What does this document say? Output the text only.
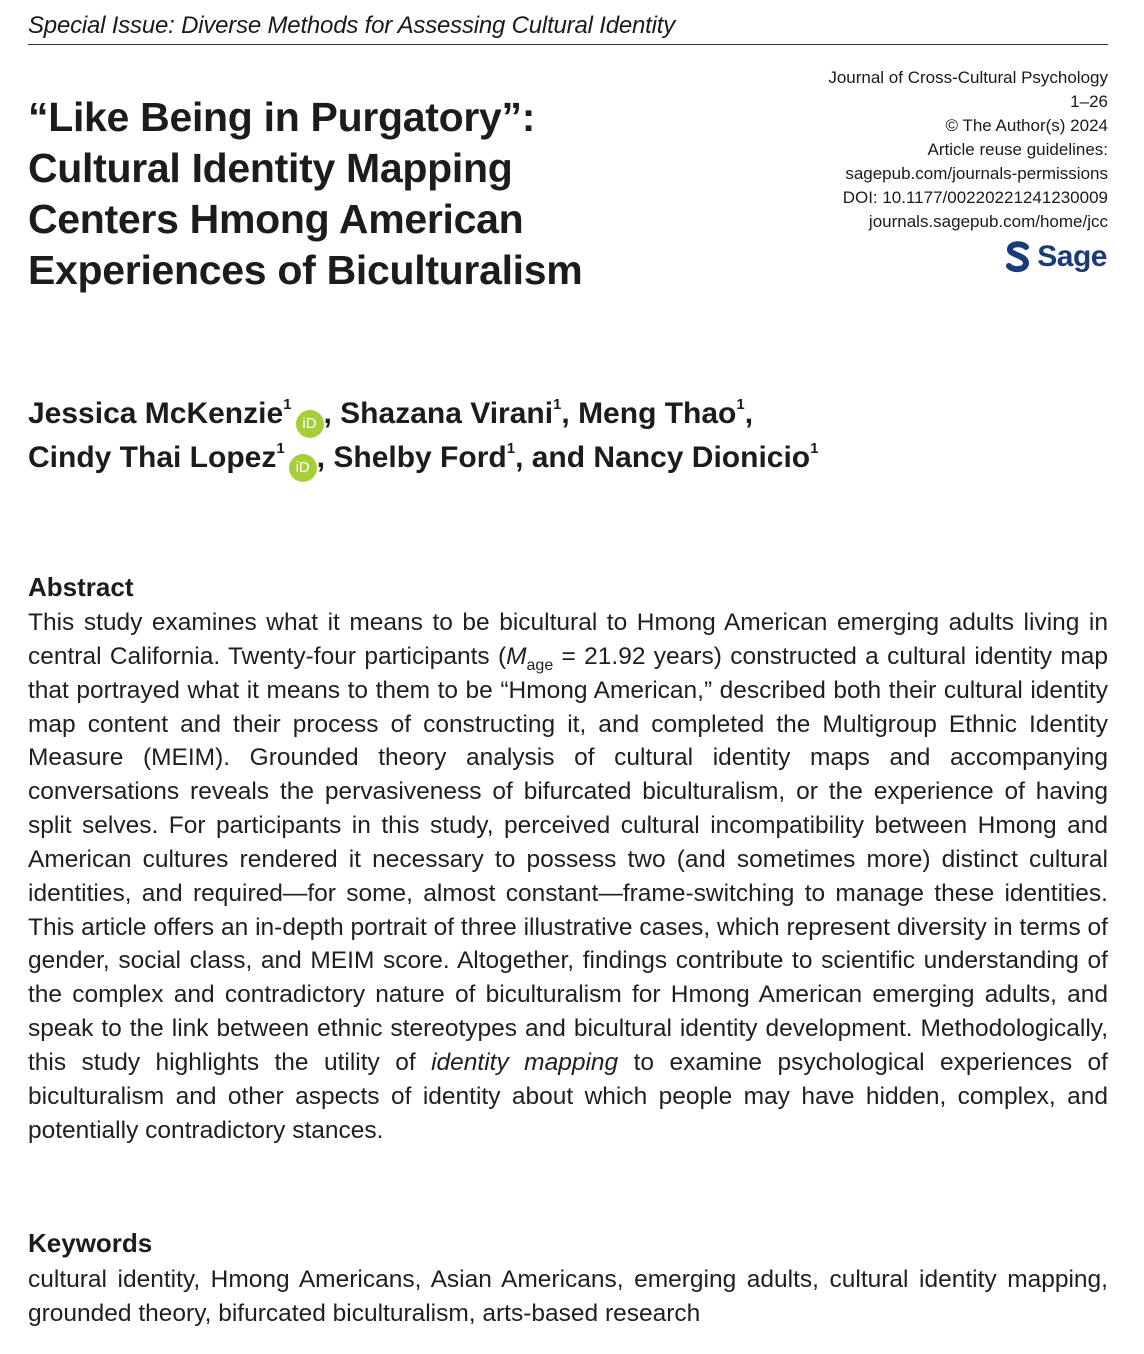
Special Issue: Diverse Methods for Assessing Cultural Identity
“Like Being in Purgatory”:
Cultural Identity Mapping
Centers Hmong American
Experiences of Biculturalism
Journal of Cross-Cultural Psychology
1–26
© The Author(s) 2024
Article reuse guidelines:
sagepub.com/journals-permissions
DOI: 10.1177/00220221241230009
journals.sagepub.com/home/jcc
Sage
Jessica McKenzie$^1$iD , Shazana Virani$^1$, Meng Thao$^1$,
Cindy Thai Lopez$^1$iD , Shelby Ford$^1$, and Nancy Dionicio$^1$
Abstract

This study examines what it means to be bicultural to Hmong American emerging adults living in central California. Twenty-four participants ($M_{age} = 21.92$ years) constructed a cultural identity map that portrayed what it means to them to be “Hmong American,” described both their cultural identity map content and their process of constructing it, and completed the Multigroup Ethnic Identity Measure (MEIM). Grounded theory analysis of cultural identity maps and accompanying conversations reveals the pervasiveness of bifurcated biculturalism, or the experience of having split selves. For participants in this study, perceived cultural incompatibility between Hmong and American cultures rendered it necessary to possess two (and sometimes more) distinct cultural identities, and required—for some, almost constant—frame-switching to manage these identities. This article offers an in-depth portrait of three illustrative cases, which represent diversity in terms of gender, social class, and MEIM score. Altogether, findings contribute to scientific understanding of the complex and contradictory nature of biculturalism for Hmong American emerging adults, and speak to the link between ethnic stereotypes and bicultural identity development. Methodologically, this study highlights the utility of identity mapping to examine psychological experiences of biculturalism and other aspects of identity about which people may have hidden, complex, and potentially contradictory stances.

Keywords

cultural identity, Hmong Americans, Asian Americans, emerging adults, cultural identity mapping, grounded theory, bifurcated biculturalism, arts-based research
